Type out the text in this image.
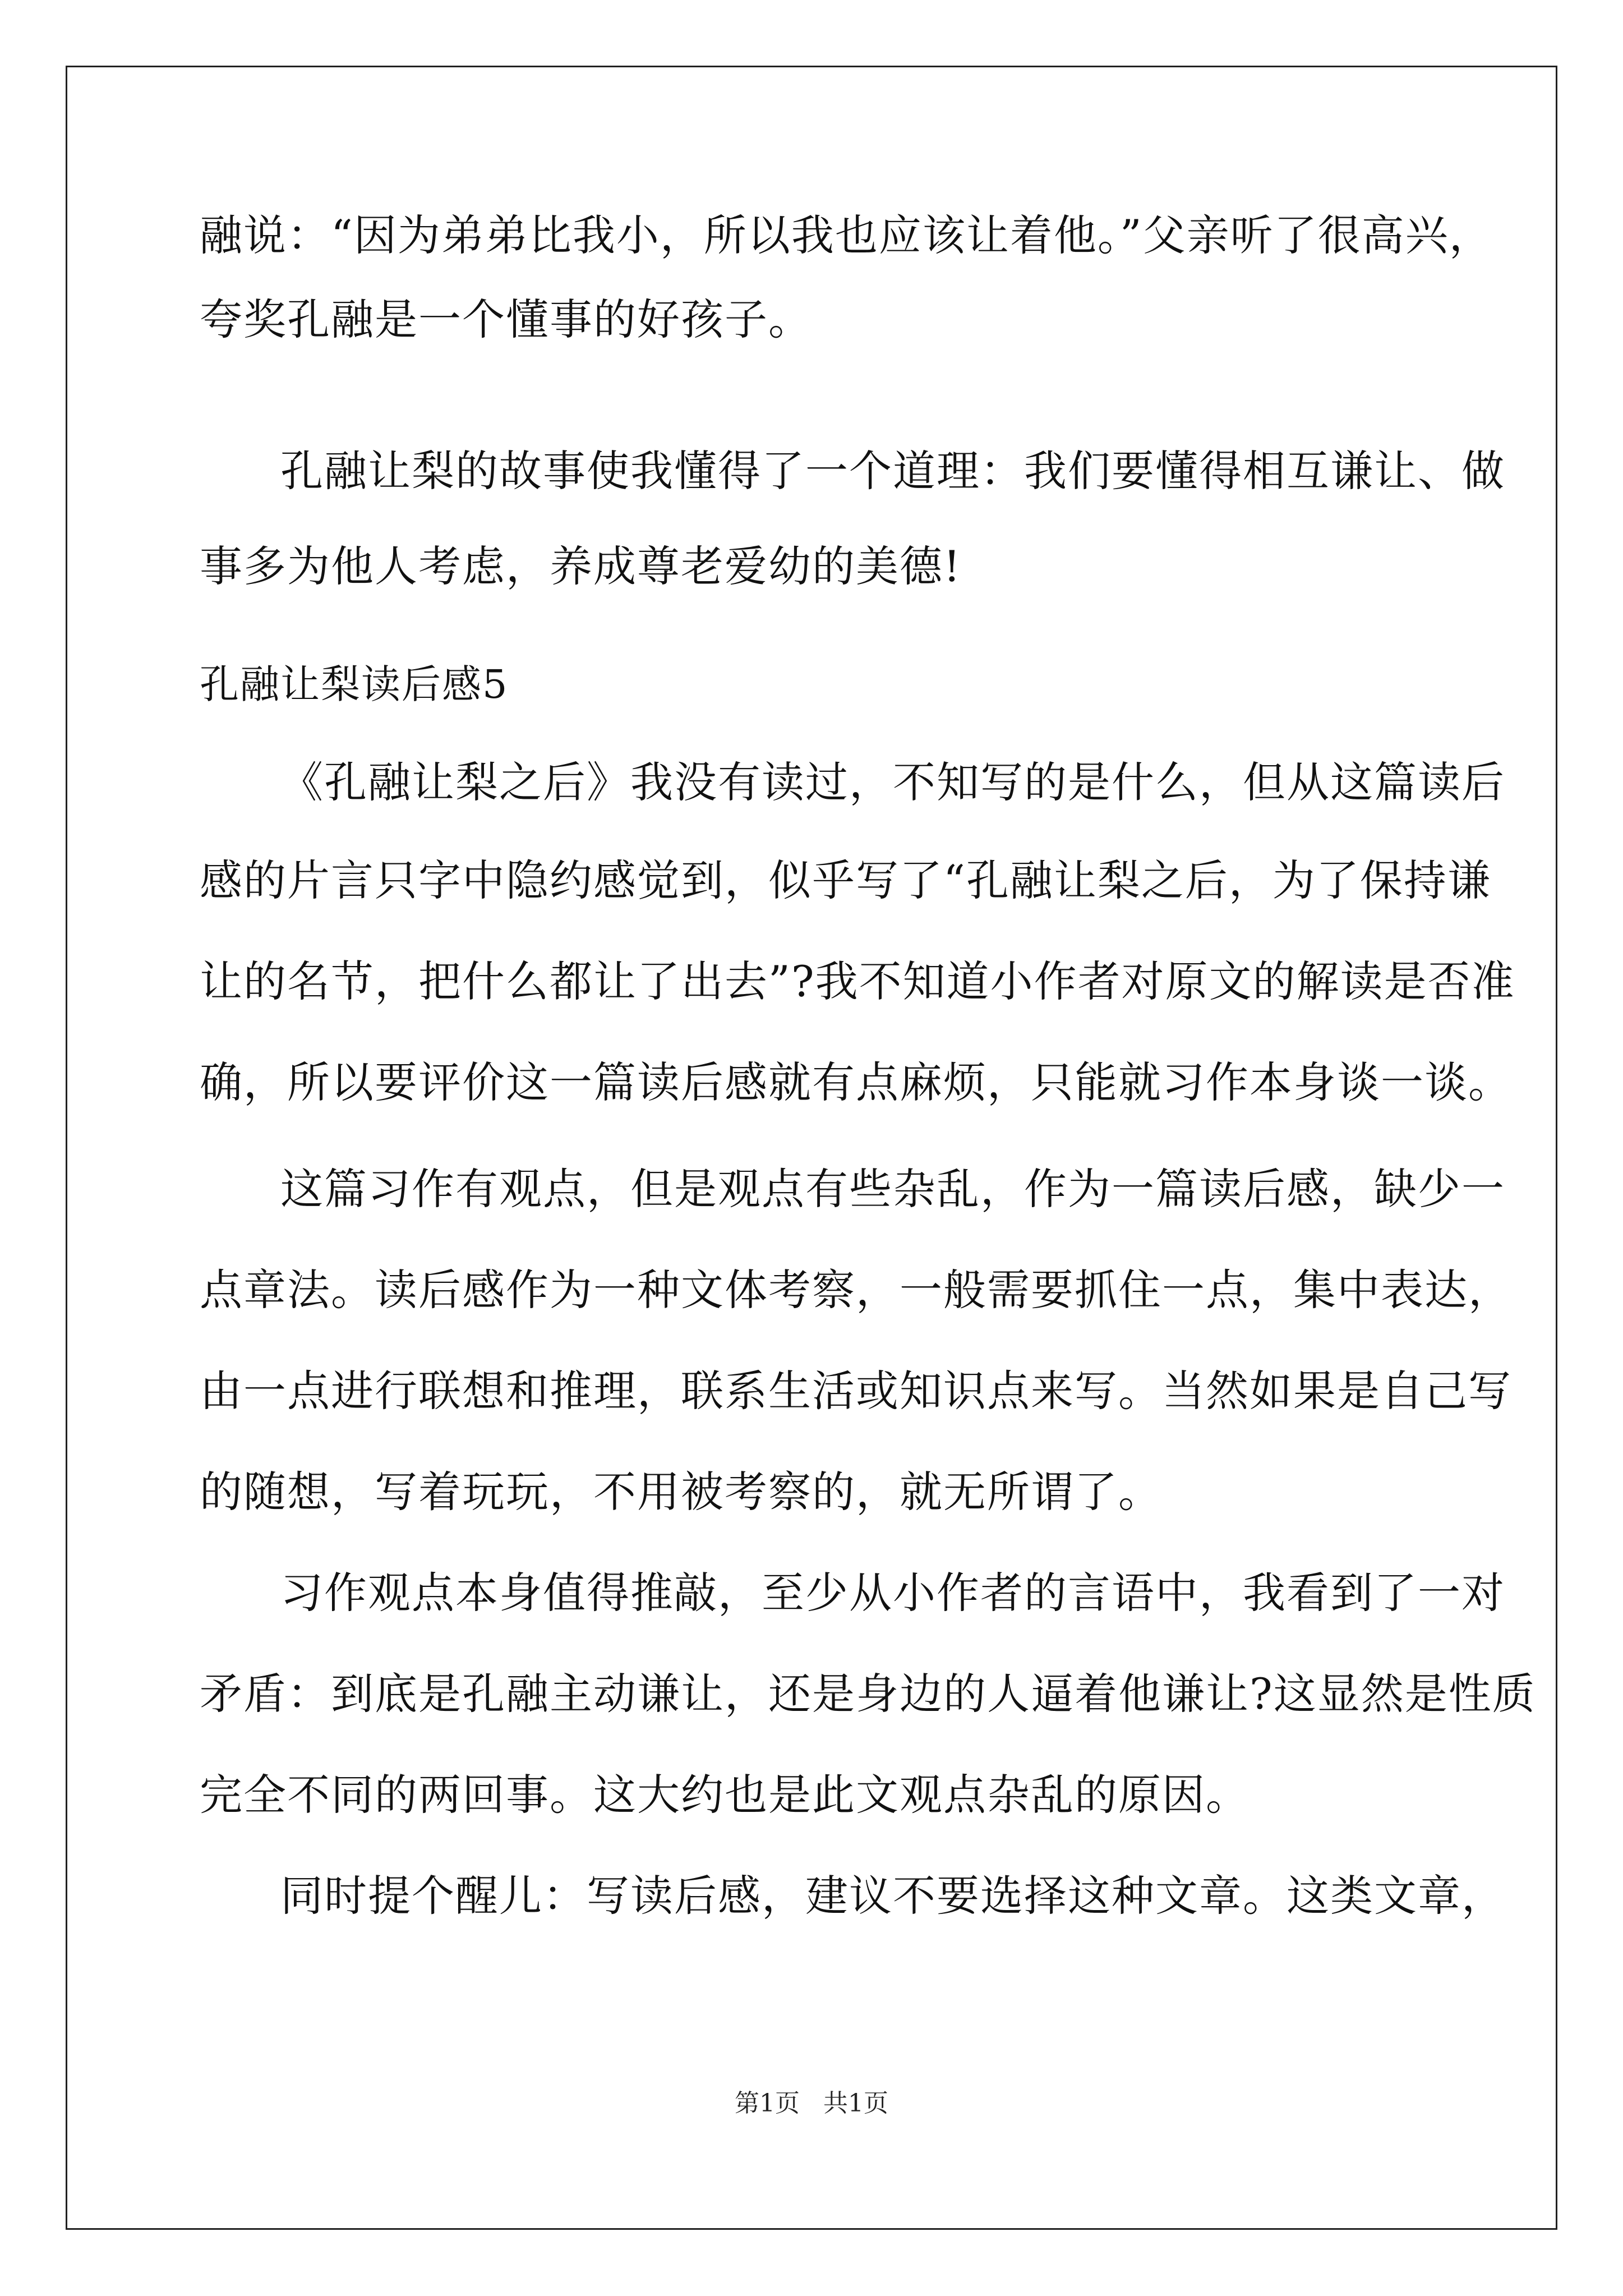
融说：“因为弟弟比我小，所以我也应该让着他。”父亲听了很高兴，
夸奖孔融是一个懂事的好孩子。
孔融让梨的故事使我懂得了一个道理：我们要懂得相互谦让、做
事多为他人考虑，养成尊老爱幼的美德!
孔融让梨读后感5
《孔融让梨之后》我没有读过，不知写的是什么，但从这篇读后
感的片言只字中隐约感觉到，似乎写了“孔融让梨之后，为了保持谦
让的名节，把什么都让了出去”?我不知道小作者对原文的解读是否准
确，所以要评价这一篇读后感就有点麻烦，只能就习作本身谈一谈。
这篇习作有观点，但是观点有些杂乱，作为一篇读后感，缺少一
点章法。读后感作为一种文体考察，一般需要抓住一点，集中表达，
由一点进行联想和推理，联系生活或知识点来写。当然如果是自己写
的随想，写着玩玩，不用被考察的，就无所谓了。
习作观点本身值得推敲，至少从小作者的言语中，我看到了一对
矛盾：到底是孔融主动谦让，还是身边的人逼着他谦让?这显然是性质
完全不同的两回事。这大约也是此文观点杂乱的原因。
同时提个醒儿：写读后感，建议不要选择这种文章。这类文章，
第1页 共1页
